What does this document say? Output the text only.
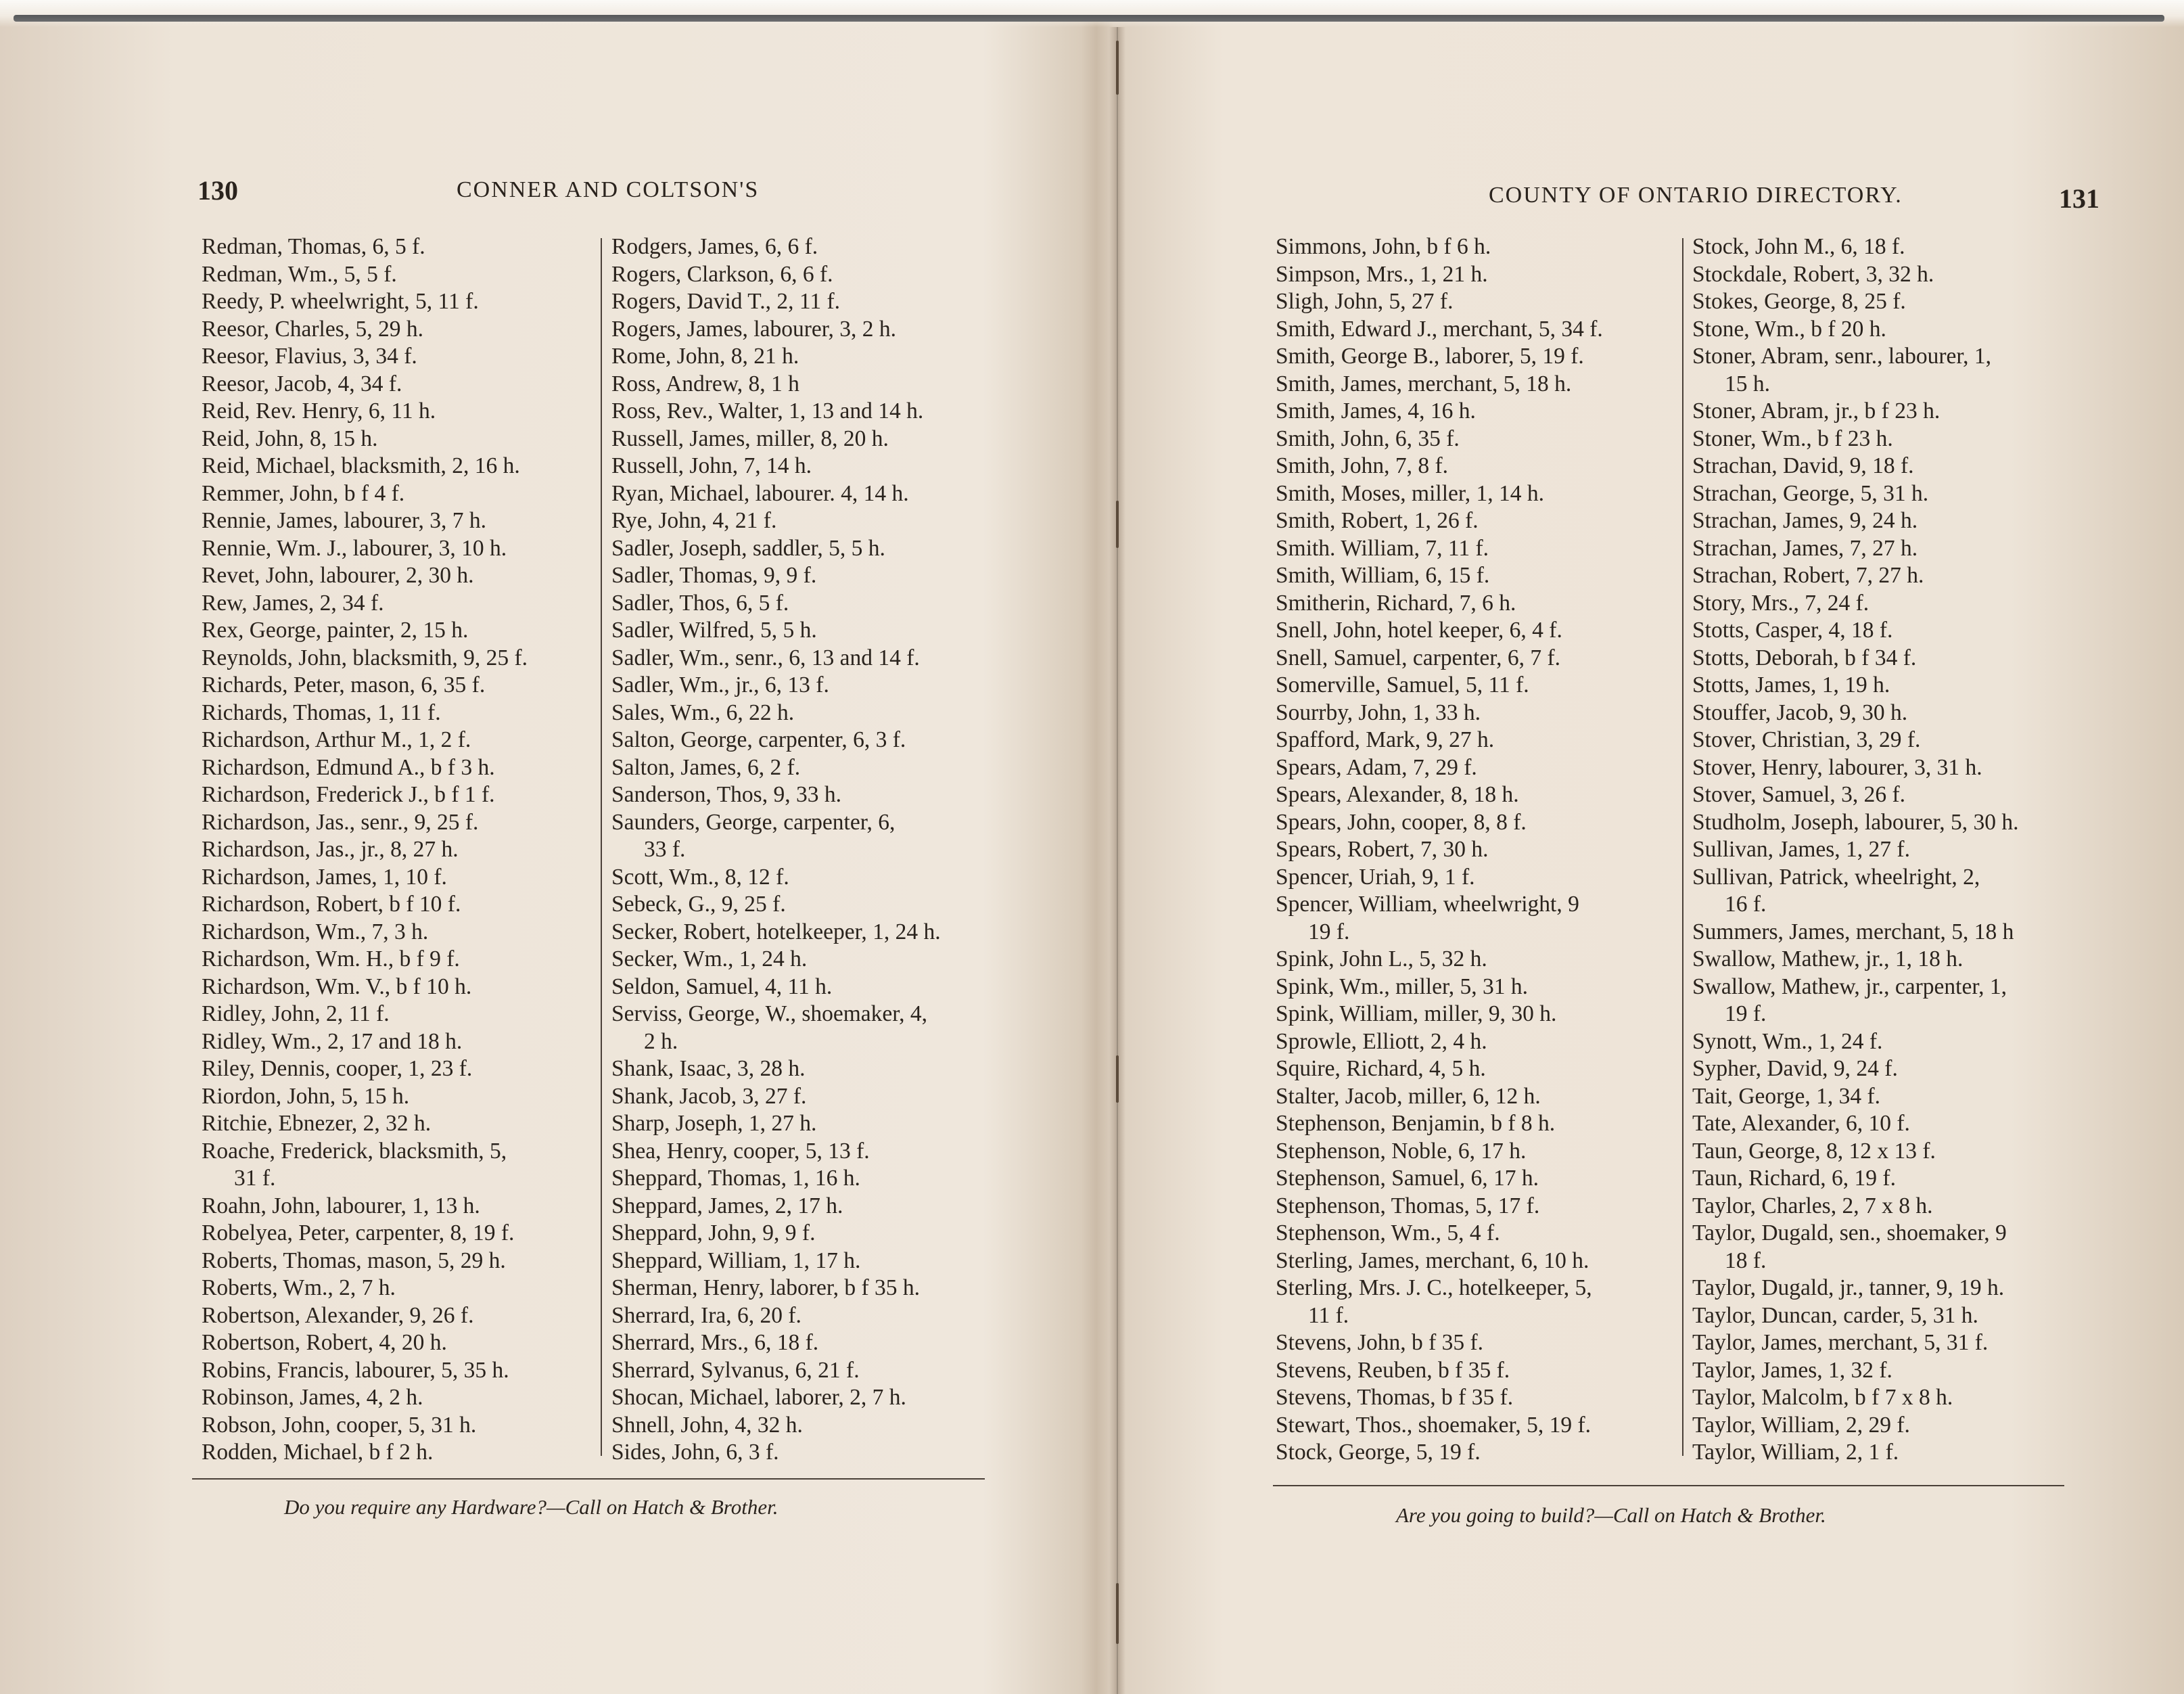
130	CONNER AND COLTSON'S
Redman, Thomas, 6, 5 f.
Redman, Wm., 5, 5 f.
Reedy, P. wheelwright, 5, 11 f.
Reesor, Charles, 5, 29 h.
Reesor, Flavius, 3, 34 f.
Reesor, Jacob, 4, 34 f.
Reid, Rev. Henry, 6, 11 h.
Reid, John, 8, 15 h.
Reid, Michael, blacksmith, 2, 16 h.
Remmer, John, b f 4 f.
Rennie, James, labourer, 3, 7 h.
Rennie, Wm. J., labourer, 3, 10 h.
Revet, John, labourer, 2, 30 h.
Rew, James, 2, 34 f.
Rex, George, painter, 2, 15 h.
Reynolds, John, blacksmith, 9, 25 f.
Richards, Peter, mason, 6, 35 f.
Richards, Thomas, 1, 11 f.
Richardson, Arthur M., 1, 2 f.
Richardson, Edmund A., b f 3 h.
Richardson, Frederick J., b f 1 f.
Richardson, Jas., senr., 9, 25 f.
Richardson, Jas., jr., 8, 27 h.
Richardson, James, 1, 10 f.
Richardson, Robert, b f 10 f.
Richardson, Wm., 7, 3 h.
Richardson, Wm. H., b f 9 f.
Richardson, Wm. V., b f 10 h.
Ridley, John, 2, 11 f.
Ridley, Wm., 2, 17 and 18 h.
Riley, Dennis, cooper, 1, 23 f.
Riordon, John, 5, 15 h.
Ritchie, Ebnezer, 2, 32 h.
Roache, Frederick, blacksmith, 5,
31 f.
Roahn, John, labourer, 1, 13 h.
Robelyea, Peter, carpenter, 8, 19 f.
Roberts, Thomas, mason, 5, 29 h.
Roberts, Wm., 2, 7 h.
Robertson, Alexander, 9, 26 f.
Robertson, Robert, 4, 20 h.
Robins, Francis, labourer, 5, 35 h.
Robinson, James, 4, 2 h.
Robson, John, cooper, 5, 31 h.
Rodden, Michael, b f 2 h.
Rodgers, James, 6, 6 f.
Rogers, Clarkson, 6, 6 f.
Rogers, David T., 2, 11 f.
Rogers, James, labourer, 3, 2 h.
Rome, John, 8, 21 h.
Ross, Andrew, 8, 1 h
Ross, Rev., Walter, 1, 13 and 14 h.
Russell, James, miller, 8, 20 h.
Russell, John, 7, 14 h.
Ryan, Michael, labourer. 4, 14 h.
Rye, John, 4, 21 f.
Sadler, Joseph, saddler, 5, 5 h.
Sadler, Thomas, 9, 9 f.
Sadler, Thos, 6, 5 f.
Sadler, Wilfred, 5, 5 h.
Sadler, Wm., senr., 6, 13 and 14 f.
Sadler, Wm., jr., 6, 13 f.
Sales, Wm., 6, 22 h.
Salton, George, carpenter, 6, 3 f.
Salton, James, 6, 2 f.
Sanderson, Thos, 9, 33 h.
Saunders, George, carpenter, 6,
33 f.
Scott, Wm., 8, 12 f.
Sebeck, G., 9, 25 f.
Secker, Robert, hotelkeeper, 1, 24 h.
Secker, Wm., 1, 24 h.
Seldon, Samuel, 4, 11 h.
Serviss, George, W., shoemaker, 4,
2 h.
Shank, Isaac, 3, 28 h.
Shank, Jacob, 3, 27 f.
Sharp, Joseph, 1, 27 h.
Shea, Henry, cooper, 5, 13 f.
Sheppard, Thomas, 1, 16 h.
Sheppard, James, 2, 17 h.
Sheppard, John, 9, 9 f.
Sheppard, William, 1, 17 h.
Sherman, Henry, laborer, b f 35 h.
Sherrard, Ira, 6, 20 f.
Sherrard, Mrs., 6, 18 f.
Sherrard, Sylvanus, 6, 21 f.
Shocan, Michael, laborer, 2, 7 h.
Shnell, John, 4, 32 h.
Sides, John, 6, 3 f.
Do you require any Hardware?—Call on Hatch & Brother.
COUNTY OF ONTARIO DIRECTORY.	131
Simmons, John, b f 6 h.
Simpson, Mrs., 1, 21 h.
Sligh, John, 5, 27 f.
Smith, Edward J., merchant, 5, 34 f.
Smith, George B., laborer, 5, 19 f.
Smith, James, merchant, 5, 18 h.
Smith, James, 4, 16 h.
Smith, John, 6, 35 f.
Smith, John, 7, 8 f.
Smith, Moses, miller, 1, 14 h.
Smith, Robert, 1, 26 f.
Smith. William, 7, 11 f.
Smith, William, 6, 15 f.
Smitherin, Richard, 7, 6 h.
Snell, John, hotel keeper, 6, 4 f.
Snell, Samuel, carpenter, 6, 7 f.
Somerville, Samuel, 5, 11 f.
Sourrby, John, 1, 33 h.
Spafford, Mark, 9, 27 h.
Spears, Adam, 7, 29 f.
Spears, Alexander, 8, 18 h.
Spears, John, cooper, 8, 8 f.
Spears, Robert, 7, 30 h.
Spencer, Uriah, 9, 1 f.
Spencer, William, wheelwright, 9
19 f.
Spink, John L., 5, 32 h.
Spink, Wm., miller, 5, 31 h.
Spink, William, miller, 9, 30 h.
Sprowle, Elliott, 2, 4 h.
Squire, Richard, 4, 5 h.
Stalter, Jacob, miller, 6, 12 h.
Stephenson, Benjamin, b f 8 h.
Stephenson, Noble, 6, 17 h.
Stephenson, Samuel, 6, 17 h.
Stephenson, Thomas, 5, 17 f.
Stephenson, Wm., 5, 4 f.
Sterling, James, merchant, 6, 10 h.
Sterling, Mrs. J. C., hotelkeeper, 5,
11 f.
Stevens, John, b f 35 f.
Stevens, Reuben, b f 35 f.
Stevens, Thomas, b f 35 f.
Stewart, Thos., shoemaker, 5, 19 f.
Stock, George, 5, 19 f.
Stock, John M., 6, 18 f.
Stockdale, Robert, 3, 32 h.
Stokes, George, 8, 25 f.
Stone, Wm., b f 20 h.
Stoner, Abram, senr., labourer, 1,
15 h.
Stoner, Abram, jr., b f 23 h.
Stoner, Wm., b f 23 h.
Strachan, David, 9, 18 f.
Strachan, George, 5, 31 h.
Strachan, James, 9, 24 h.
Strachan, James, 7, 27 h.
Strachan, Robert, 7, 27 h.
Story, Mrs., 7, 24 f.
Stotts, Casper, 4, 18 f.
Stotts, Deborah, b f 34 f.
Stotts, James, 1, 19 h.
Stouffer, Jacob, 9, 30 h.
Stover, Christian, 3, 29 f.
Stover, Henry, labourer, 3, 31 h.
Stover, Samuel, 3, 26 f.
Studholm, Joseph, labourer, 5, 30 h.
Sullivan, James, 1, 27 f.
Sullivan, Patrick, wheelright, 2,
16 f.
Summers, James, merchant, 5, 18 h
Swallow, Mathew, jr., 1, 18 h.
Swallow, Mathew, jr., carpenter, 1,
19 f.
Synott, Wm., 1, 24 f.
Sypher, David, 9, 24 f.
Tait, George, 1, 34 f.
Tate, Alexander, 6, 10 f.
Taun, George, 8, 12 x 13 f.
Taun, Richard, 6, 19 f.
Taylor, Charles, 2, 7 x 8 h.
Taylor, Dugald, sen., shoemaker, 9
18 f.
Taylor, Dugald, jr., tanner, 9, 19 h.
Taylor, Duncan, carder, 5, 31 h.
Taylor, James, merchant, 5, 31 f.
Taylor, James, 1, 32 f.
Taylor, Malcolm, b f 7 x 8 h.
Taylor, William, 2, 29 f.
Taylor, William, 2, 1 f.
Are you going to build?—Call on Hatch & Brother.
